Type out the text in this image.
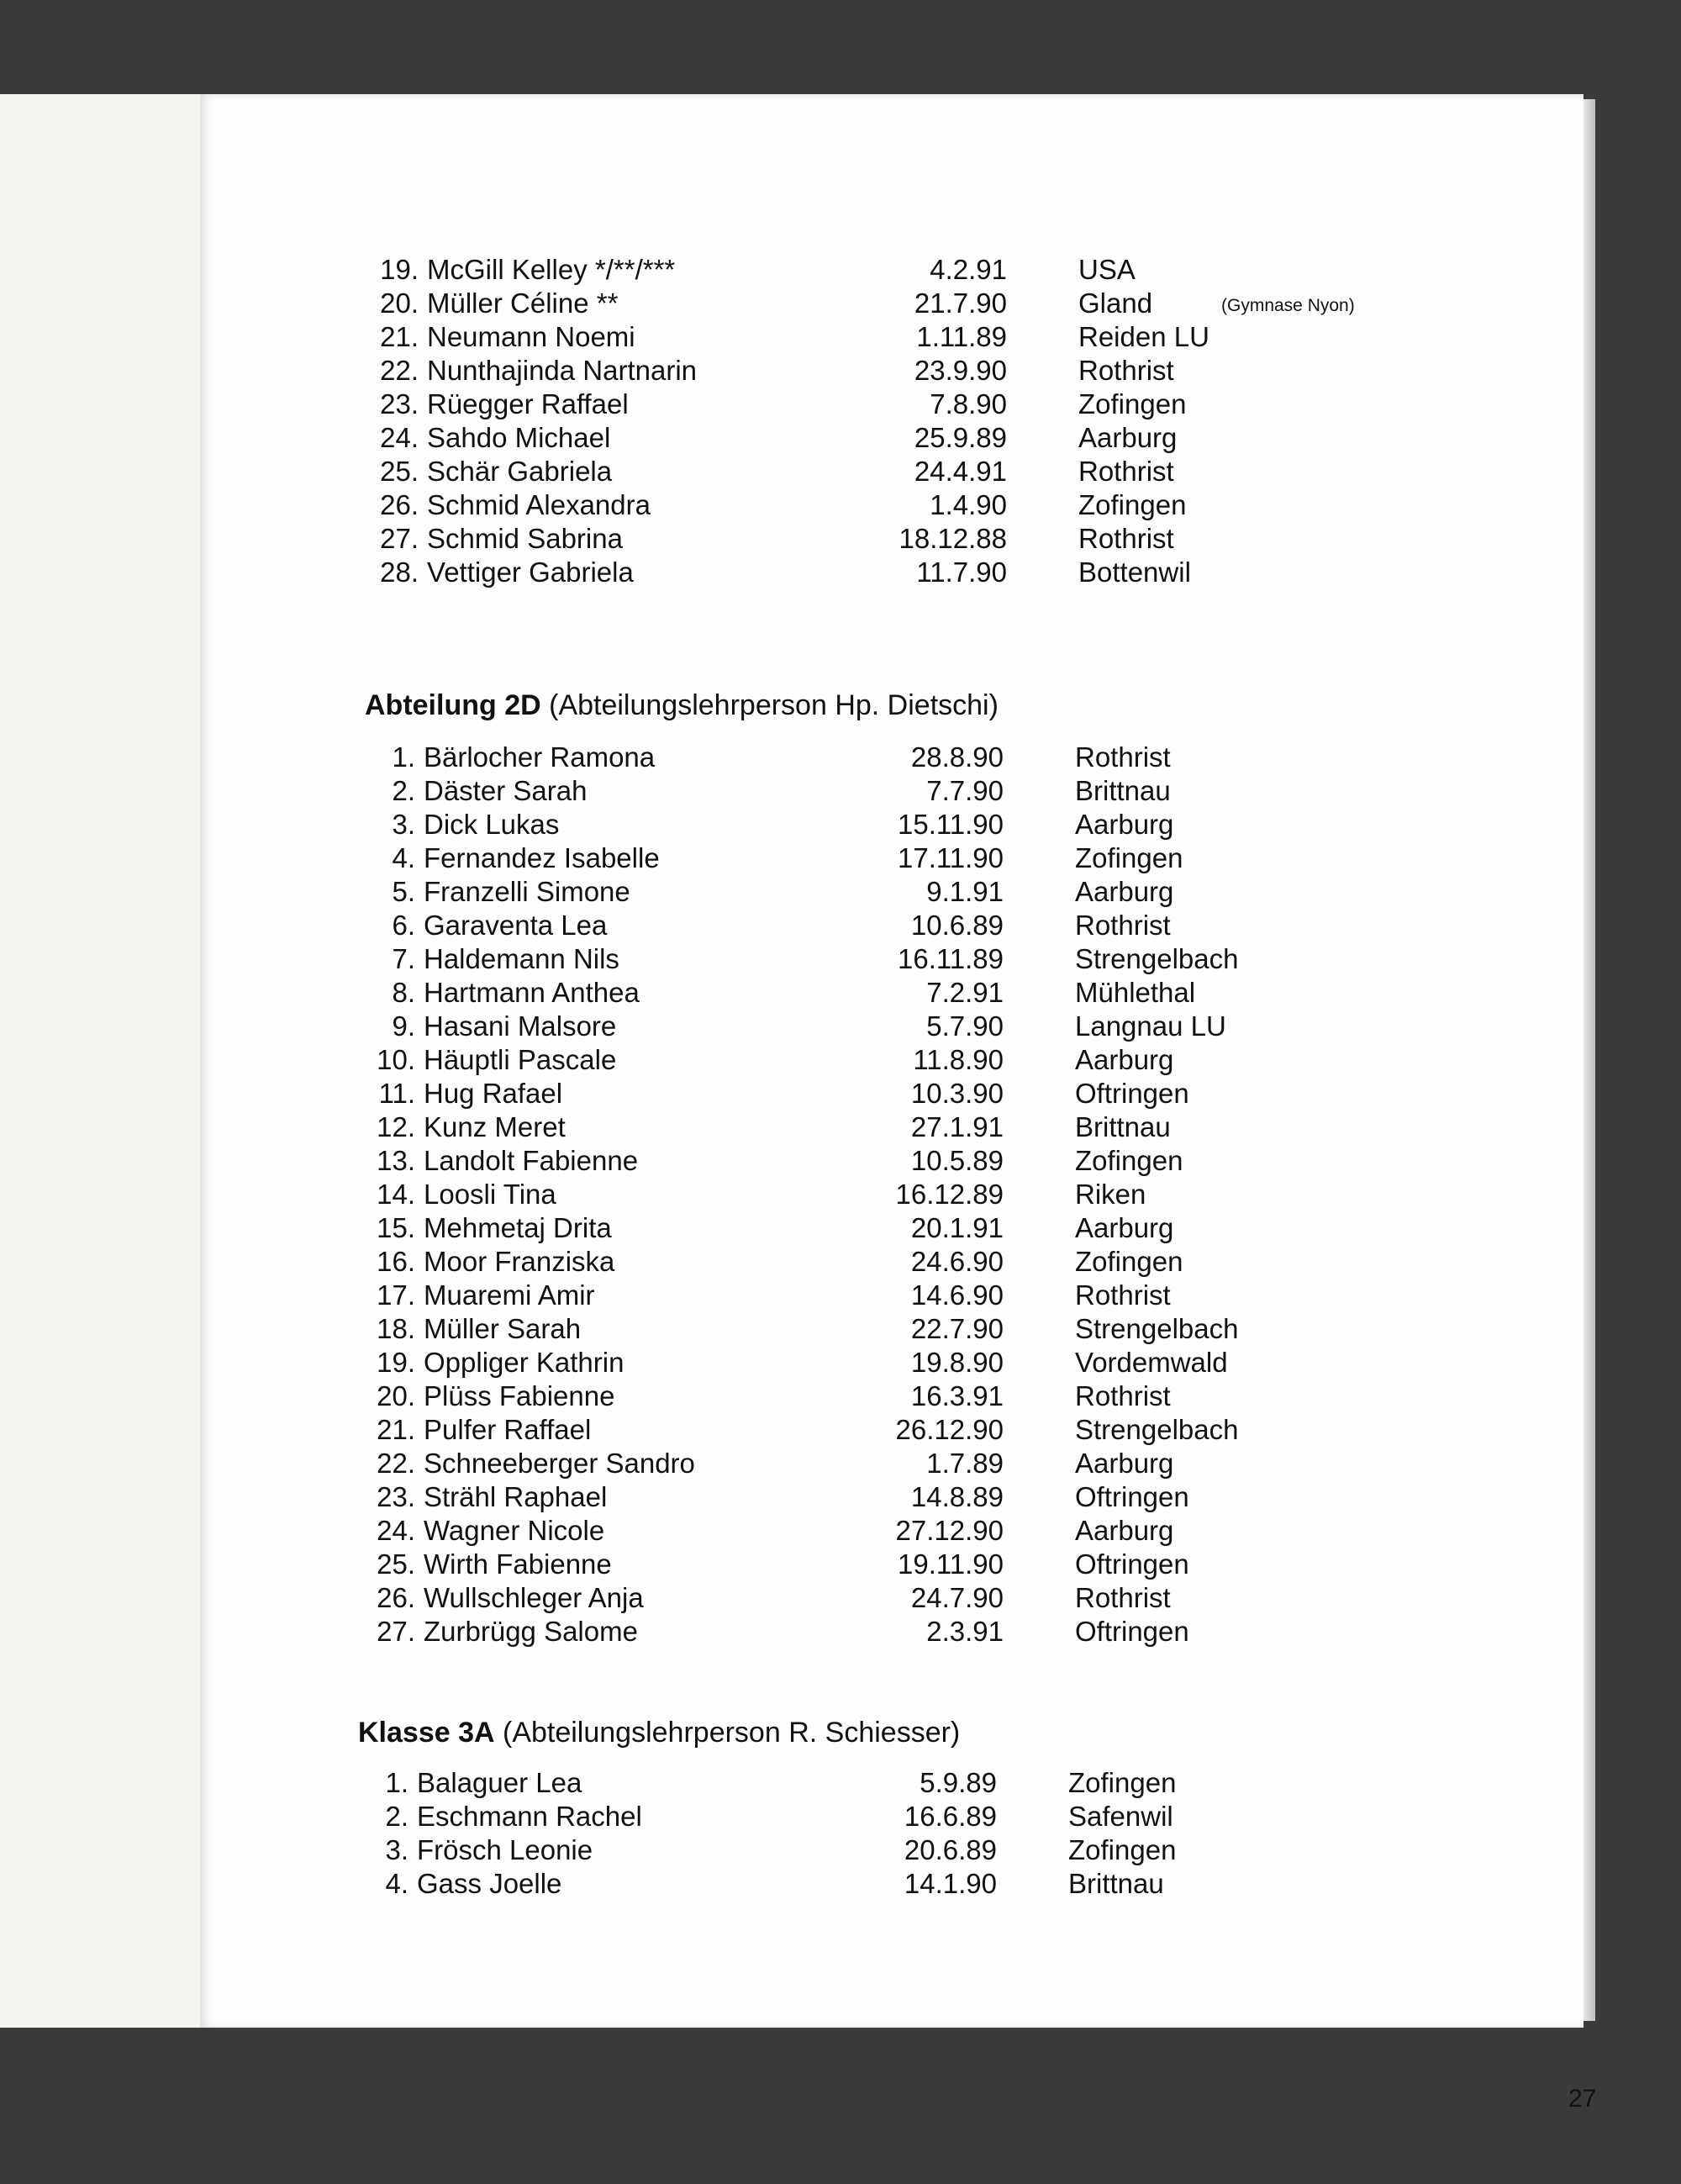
19. McGill Kelley */**/***	4.2.91	USA
20. Müller Céline **	21.7.90	Gland	(Gymnase Nyon)
21. Neumann Noemi	1.11.89	Reiden LU
22. Nunthajinda Nartnarin	23.9.90	Rothrist
23. Rüegger Raffael	7.8.90	Zofingen
24. Sahdo Michael	25.9.89	Aarburg
25. Schär Gabriela	24.4.91	Rothrist
26. Schmid Alexandra	1.4.90	Zofingen
27. Schmid Sabrina	18.12.88	Rothrist
28. Vettiger Gabriela	11.7.90	Bottenwil
Abteilung 2D (Abteilungslehrperson Hp. Dietschi)
1. Bärlocher Ramona	28.8.90	Rothrist
2. Däster Sarah	7.7.90	Brittnau
3. Dick Lukas	15.11.90	Aarburg
4. Fernandez Isabelle	17.11.90	Zofingen
5. Franzelli Simone	9.1.91	Aarburg
6. Garaventa Lea	10.6.89	Rothrist
7. Haldemann Nils	16.11.89	Strengelbach
8. Hartmann Anthea	7.2.91	Mühlethal
9. Hasani Malsore	5.7.90	Langnau LU
10. Häuptli Pascale	11.8.90	Aarburg
11. Hug Rafael	10.3.90	Oftringen
12. Kunz Meret	27.1.91	Brittnau
13. Landolt Fabienne	10.5.89	Zofingen
14. Loosli Tina	16.12.89	Riken
15. Mehmetaj Drita	20.1.91	Aarburg
16. Moor Franziska	24.6.90	Zofingen
17. Muaremi Amir	14.6.90	Rothrist
18. Müller Sarah	22.7.90	Strengelbach
19. Oppliger Kathrin	19.8.90	Vordemwald
20. Plüss Fabienne	16.3.91	Rothrist
21. Pulfer Raffael	26.12.90	Strengelbach
22. Schneeberger Sandro	1.7.89	Aarburg
23. Strähl Raphael	14.8.89	Oftringen
24. Wagner Nicole	27.12.90	Aarburg
25. Wirth Fabienne	19.11.90	Oftringen
26. Wullschleger Anja	24.7.90	Rothrist
27. Zurbrügg Salome	2.3.91	Oftringen
Klasse 3A (Abteilungslehrperson R. Schiesser)
1. Balaguer Lea	5.9.89	Zofingen
2. Eschmann Rachel	16.6.89	Safenwil
3. Frösch Leonie	20.6.89	Zofingen
4. Gass Joelle	14.1.90	Brittnau
27
